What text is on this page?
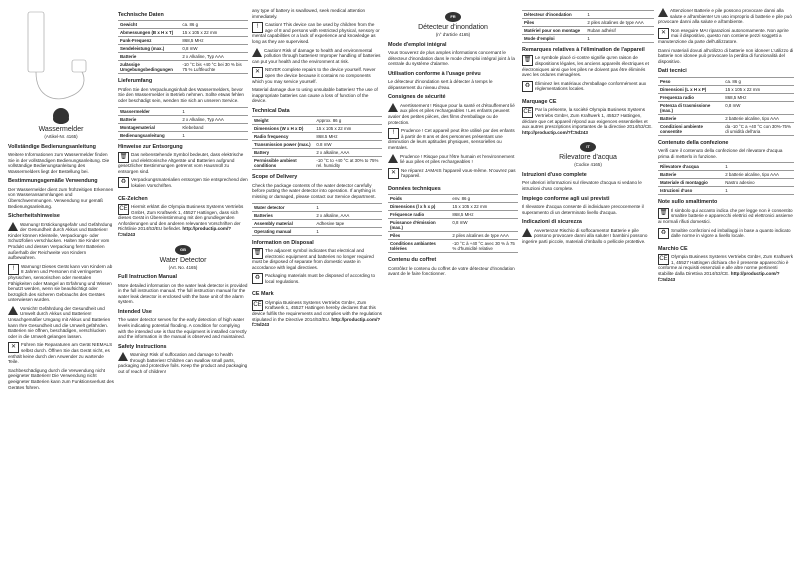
Wassermelder

(Artikel-Nr. 4165)

Vollständige Bedienungsanleitung

Weitere Informationen zum Wassermelder finden Sie in der vollständigen Bedienungsanleitung. Die vollständige Bedienungsanleitung des Wassermelders liegt der Bestellung bei.

Bestimmungsgemäße Verwendung

Der Wassermelder dient zum frühzeitigen Erkennen von Wasseransammlungen und Überschwemmungen. Verwendung nur gemäß Bedienungsanleitung.

Sicherheitshinweise

Warnung! Erstickungsgefahr und Gefährdung der Gesundheit durch Akkus und Batterien! Kinder können Kleinteile, Verpackungs- oder Schutzfolien verschlucken. Halten Sie Kinder vom Produkt und dessen Verpackung fern! Batterien außerhalb der Reichweite von Kindern aufbewahren.

!	Warnung! Dieses Gerät kann von Kindern ab 8 Jahren und Personen mit verringerten physischen, sensorischen oder mentalen Fähigkeiten oder Mangel an Erfahrung und Wissen benutzt werden, wenn sie beaufsichtigt oder bezüglich des sicheren Gebrauchs des Gerätes unterwiesen wurden.

Vorsicht! Gefährdung der Gesundheit und Umwelt durch Akkus und Batterien! Unsachgemäßer Umgang mit Akkus und Batterien kann Ihre Gesundheit und die Umwelt gefährden. Batterien nie öffnen, beschädigen, verschlucken oder in die Umwelt gelangen lassen.

✕	Führen Sie Reparaturen am Gerät NIEMALS selbst durch. Öffnen Sie das Gerät nicht, es enthält keine durch den Anwender zu wartende Teile.

Sachbeschädigung durch die Verwendung nicht geeigneter Batterien! Die Verwendung nicht geeigneter Batterien kann zum Funktionsverlust des Gerätes führen.

Technische Daten
Gewicht	ca. 86 g
Abmessungen (B x H x T)	15 x 105 x 22 mm
Funk-Frequenz	868,5 MHz
Sendeleistung (max.)	0,8 mW
Batterie	2 x Alkaline, Typ AAA
zulässige Umgebungsbedingungen	-10 °C bis +40 °C bei 30 % bis 75 % Luftfeuchte
Lieferumfang

Prüfen Sie den Verpackungsinhalt des Wassermelders, bevor Sie den Wassermelder in Betrieb nehmen. Sollte etwas fehlen oder beschädigt sein, wenden Sie sich an unseren Service.

Wassermelder	1
Batterie	2 x Alkaline, Typ AAA
Montagematerial	Klebeband
Bedienungsanleitung	1
Hinweise zur Entsorgung

🗑 Das nebenstehende Symbol bedeutet, dass elektrische und elektronische Altgeräte und Batterien aufgrund gesetzlicher Bestimmungen getrennt vom Hausmüll zu entsorgen sind.

♻	Verpackungsmaterialien entsorgen Sie entsprechend den lokalen Vorschriften.

CE-Zeichen

CE Hiermit erklärt die Olympia Business Systems Vertriebs GmbH, Zum Kraftwerk 1, 45527 Hattingen, dass sich dieses Gerät in Übereinstimmung mit den grundlegenden Anforderungen und den anderen relevanten Vorschriften der Richtlinie 2014/53/EU befindet. http://productip.com/?f=5d243

GB

Water Detector

(Art. No. 4165)

Full Instruction Manual

More detailed information on the water leak detector is provided in the full instruction manual. The full instruction manual for the water leak detector is enclosed with the base unit of the alarm system.

Intended Use

The water detector serves for the early detection of high water levels indicating potential flooding. A condition for complying with the intended use is that the equipment is installed correctly and the information in the manual is observed and maintained.

Safety Instructions

Warning! Risk of suffocation and damage to health through batteries! Children can swallow small parts, packaging and protective foils. Keep the product and packaging out of reach of children!

any type of battery is swallowed, seek medical attention immediately.

!	Caution! This device can be used by children from the age of 8 and persons with restricted physical, sensory or mental capabilities or a lack of experience and knowledge as long as they are supervised.

Caution! Risk of damage to health and environmental pollution through batteries! Improper handling of batteries can put your health and the environment at risk.

✕	NEVER complete repairs to the device yourself. Never open the device because it contains no components which you may service yourself.

Material damage due to using unsuitable batteries! The use of inappropriate batteries can cause a loss of function of the device.

Technical Data
Weight	Approx. 86 g
Dimensions (W x H x D)	15 x 105 x 22 mm
Radio frequency	868.5 MHz
Transmission power (max.)	0.8 mW
Battery	2 x alkaline, AAA
Permissible ambient conditions	-10 °C to +40 °C at 30% to 75% rel. humidity
Scope of Delivery

Check the package contents of the water detector carefully before putting the water detector into operation. If anything is missing or damaged, please contact our Service department.

Water detector	1
Batteries	2 x alkaline, AAA
Assembly material	Adhesive tape
Operating manual	1
Information on Disposal

🗑 The adjacent symbol indicates that electrical and electronic equipment and batteries no longer required must be disposed of separate from domestic waste in accordance with legal directives.

♻	Packaging materials must be disposed of according to local regulations.

CE Mark

CE Olympia Business Systems Vertriebs GmbH, Zum Kraftwerk 1, 45527 Hattingen hereby declares that this device fulfils the requirements and complies with the regulations stipulated in the Directive 2014/53/EU. http://productip.com/?f=5d243

FR

Détecteur d'inondation

(n° d'article 4165)

Mode d'emploi intégral

Vous trouverez de plus amples informations concernant le détecteur d'inondation dans le mode d'emploi intégral joint à la centrale du système d'alarme.

Utilisation conforme à l'usage prévu

Le détecteur d'inondation sert à détecter à temps le dépassement du niveau d'eau.

Consignes de sécurité

Avertissement ! Risque pour la santé et d'étouffement lié aux piles et piles rechargeables ! Les enfants peuvent avaler des petites pièces, des films d'emballage ou de protection.

!	Prudence ! Cet appareil peut être utilisé par des enfants à partir de 8 ans et des personnes présentant une diminution de leurs aptitudes physiques, sensorielles ou mentales.

Prudence ! Risque pour l'être humain et l'environnement lié aux piles et piles rechargeables !

✕	Ne réparez JAMAIS l'appareil vous-même. N'ouvrez pas l'appareil.

Données techniques
Poids	env. 86 g
Dimensions (l x h x p)	15 x 105 x 22 mm
Fréquence radio	868,5 MHz
Puissance d'émission (max.)	0,8 mW
Piles	2 piles alcalines de type AAA
Conditions ambiantes tolérées	-10 °C à +40 °C avec 30 % à 75 % d'humidité relative
Contenu du coffret

Contrôlez le contenu du coffret de votre détecteur d'inondation avant de le faire fonctionner.

Détecteur d'inondation	1
Piles	2 piles alcalines de type AAA
Matériel pour son montage	Ruban adhésif
Mode d'emploi	1
Remarques relatives à l'élimination de l'appareil

🗑 Le symbole placé ci-contre signifie qu'en raison de dispositions légales, les anciens appareils électriques et électroniques ainsi que les piles ne doivent pas être éliminés avec les ordures ménagères.

♻	Éliminez les matériaux d'emballage conformément aux réglementations locales.

Marquage CE

CE Par la présente, la société Olympia Business Systems Vertriebs GmbH, Zum Kraftwerk 1, 45527 Hattingen, déclare que cet appareil répond aux exigences essentielles et aux autres prescriptions importantes de la directive 2014/53/CE. http://productip.com/?f=5d243

IT

Rilevatore d'acqua

(Codice 4165)

Istruzioni d'uso complete

Per ulteriori informazioni sul rilevatore d'acqua si vedano le istruzioni d'uso complete.

Impiego conforme agli usi previsti

Il rilevatore d'acqua consente di individuare precocemente il superamento di un determinato livello d'acqua.

Indicazioni di sicurezza

Avvertenza! Rischio di soffocamento! Batterie e pile possono provocare danni alla salute! I bambini possono ingerire parti piccole, materiali d'imballo o pellicole protettive.

Attenzione! Batterie e pile possono provocare danni alla salute e all'ambiente! Un uso improprio di batterie e pile può provocare danni alla salute e all'ambiente.

✕	Non eseguire MAI riparazioni autonomamente. Non aprire mai il dispositivo, questo non contiene pezzi soggetti a manutenzione da parte dell'utilizzatore.

Danni materiali dovuti all'utilizzo di batterie non idonee! L'utilizzo di batterie non idonee può provocare la perdita di funzionalità del dispositivo.

Dati tecnici
Peso	ca. 86 g
Dimensioni (L x H x P)	15 x 105 x 22 mm
Frequenza radio	868,5 MHz
Potenza di trasmissione (max.)	0,8 mW
Batterie	2 batterie alcaline, tipo AAA
Condizioni ambiente consentite	da -10 °C a +40 °C con 30%-75% di umidità dell'aria
Contenuto della confezione

Verifi care il contenuto della confezione del rilevatore d'acqua prima di metterlo in funzione.

Rilevatore d'acqua	1
Batterie	2 batterie alcaline, tipo AAA
Materiale di montaggio	Nastro adesivo
Istruzioni d'uso	1
Note sullo smaltimento

🗑 Il simbolo qui accanto indica che per legge non è consentito smaltire batterie e apparecchi elettrici ed elettronici assieme ai normali rifiuti domestici.

♻	Smaltire confezioni ed imballaggi in base a quanto indicato dalle norme in vigore a livello locale.

Marchio CE

CE Olympia Business Systems Vertriebs GmbH, Zum Kraftwerk 1, 45527 Hattingen dichiara che il presente apparecchio è conforme ai requisiti essenziali e alle altre norme pertinenti stabilite dalla Direttiva 2014/53/CE. http://productip.com/?f=5d243
